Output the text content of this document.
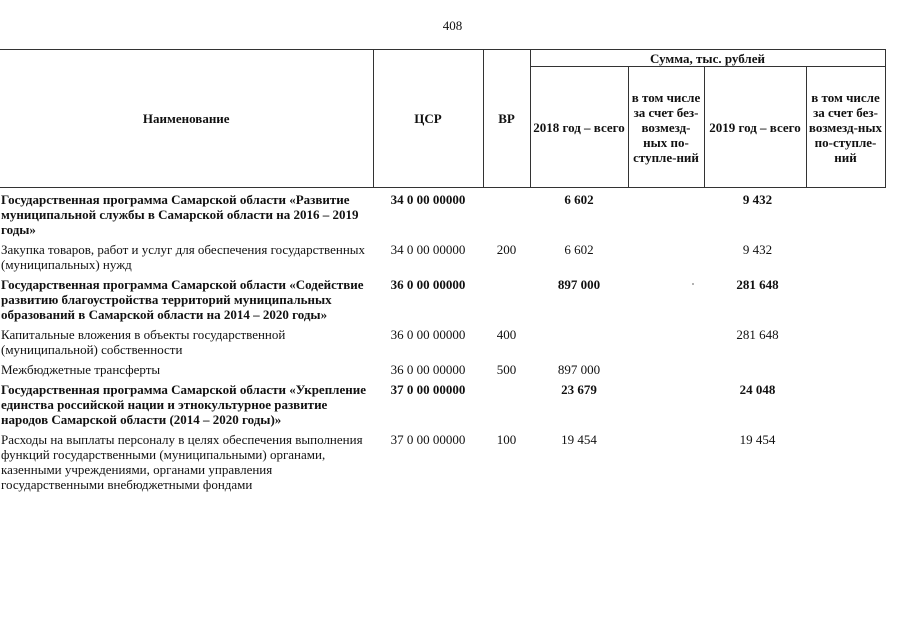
408
Наименование	ЦСР	ВР	Сумма, тыс. рублей			
			2018 год – всего	в том числе за счет без-возмезд-ных по-ступле-ний	2019 год – всего	в том числе за счет без-возмезд-ных по-ступле-ний
Государственная программа Самарской области «Развитие муниципальной службы в Самарской области на 2016 – 2019 годы»	34 0 00 00000		6 602		9 432	
Закупка товаров, работ и услуг для обеспечения государственных (муниципальных) нужд	34 0 00 00000	200	6 602		9 432	
Государственная программа Самарской области «Содействие развитию благоустройства территорий муниципальных образований в Самарской области на 2014 – 2020 годы»	36 0 00 00000		897 000		281 648	
Капитальные вложения в объекты государственной (муниципальной) собственности	36 0 00 00000	400			281 648	
Межбюджетные трансферты	36 0 00 00000	500	897 000			
Государственная программа Самарской области «Укрепление единства российской нации и этнокультурное развитие народов Самарской области (2014 – 2020 годы)»	37 0 00 00000		23 679		24 048	
Расходы на выплаты персоналу в целях обеспечения выполнения функций государственными (муниципальными) органами, казенными учреждениями, органами управления государственными внебюджетными фондами	37 0 00 00000	100	19 454		19 454	
